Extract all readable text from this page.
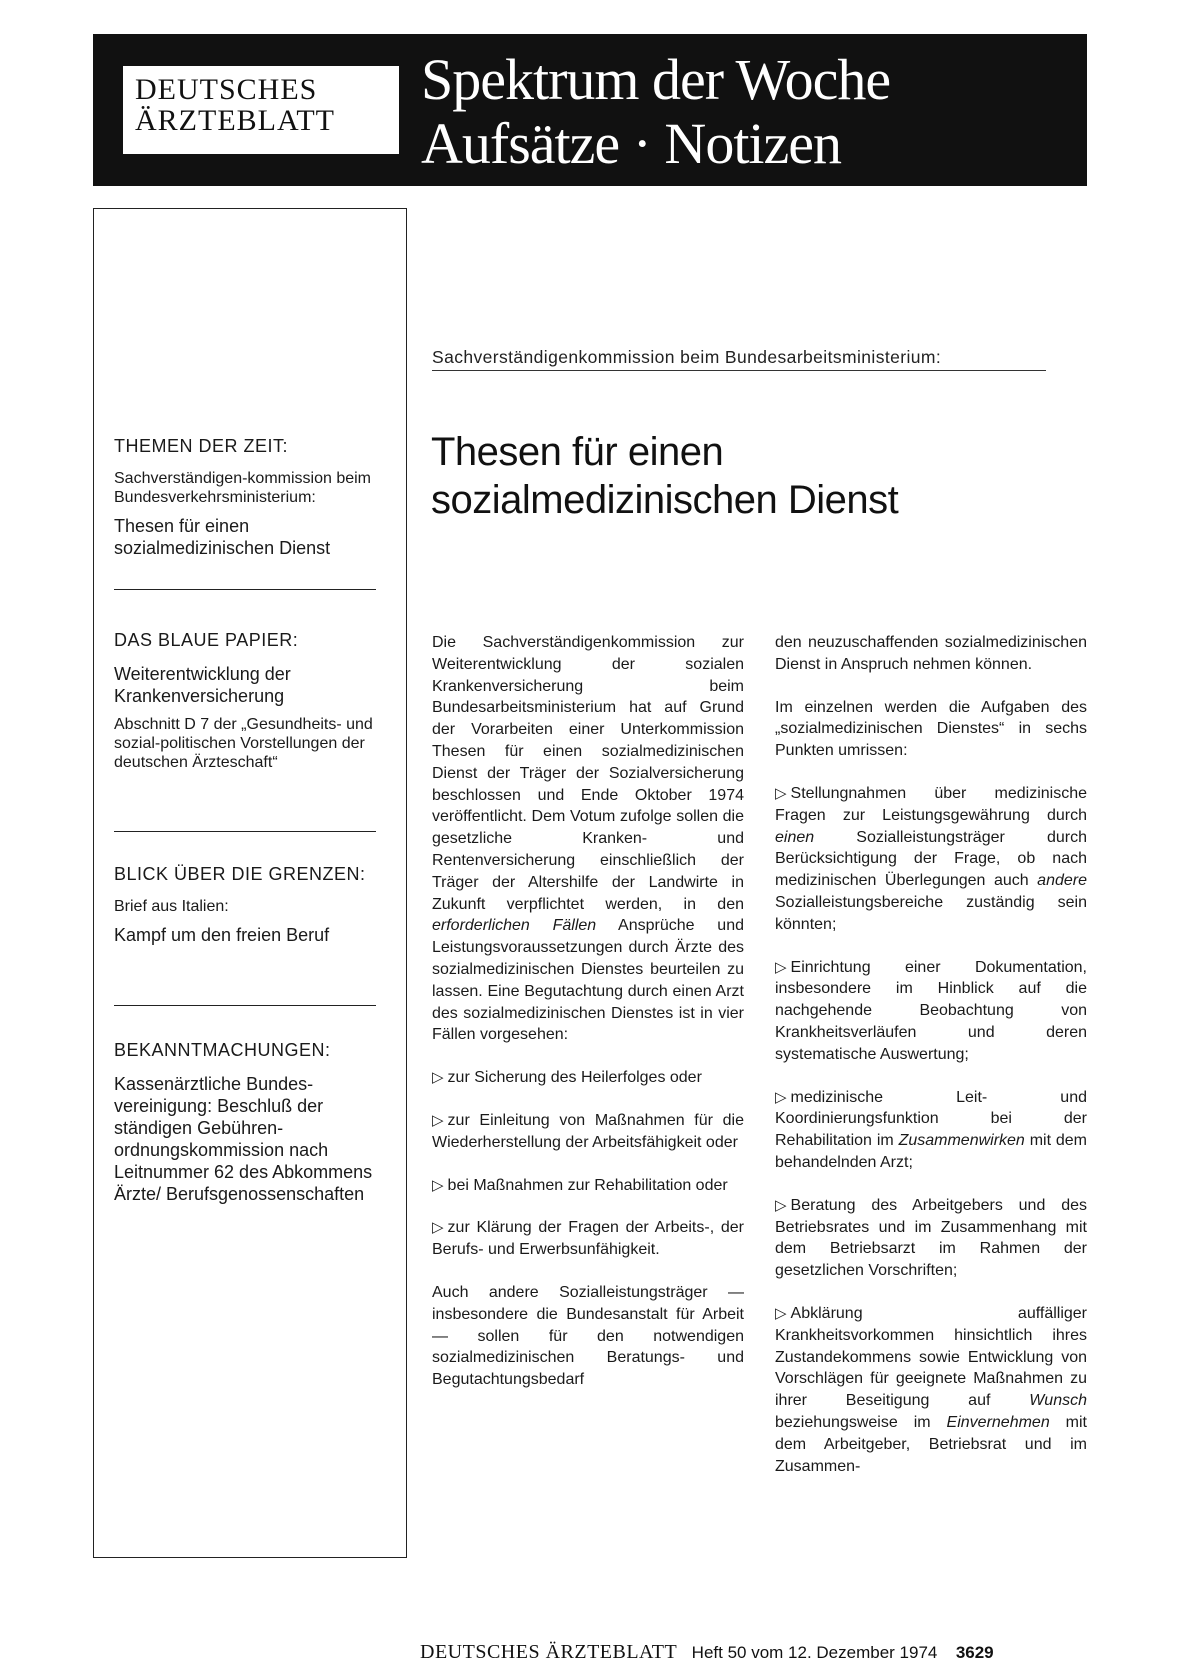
DEUTSCHES
ÄRZTEBLATT
Spektrum der Woche
Aufsätze · Notizen

THEMEN DER ZEIT:

Sachverständigen-kommission beim Bundesverkehrsministerium:

Thesen für einen sozialmedizinischen Dienst

DAS BLAUE PAPIER:

Weiterentwicklung der Krankenversicherung

Abschnitt D 7 der „Gesundheits- und sozial-politischen Vorstellungen der deutschen Ärzteschaft“

BLICK ÜBER DIE GRENZEN:

Brief aus Italien:

Kampf um den freien Beruf

BEKANNTMACHUNGEN:

Kassenärztliche Bundes-vereinigung: Beschluß der ständigen Gebühren-ordnungskommission nach Leitnummer 62 des Abkommens Ärzte/ Berufsgenossenschaften

Sachverständigenkommission beim Bundesarbeitsministerium:
Thesen für einen
sozialmedizinischen Dienst

Die Sachverständigenkommission zur Weiterentwicklung der sozialen Krankenversicherung beim Bundesarbeitsministerium hat auf Grund der Vorarbeiten einer Unterkommission Thesen für einen sozialmedizinischen Dienst der Träger der Sozialversicherung beschlossen und Ende Oktober 1974 veröffentlicht. Dem Votum zufolge sollen die gesetzliche Kranken- und Rentenversicherung einschließlich der Träger der Altershilfe der Landwirte in Zukunft verpflichtet werden, in den erforderlichen Fällen Ansprüche und Leistungsvoraussetzungen durch Ärzte des sozialmedizinischen Dienstes beurteilen zu lassen. Eine Begutachtung durch einen Arzt des sozialmedizinischen Dienstes ist in vier Fällen vorgesehen:

▷ zur Sicherung des Heilerfolges oder

▷ zur Einleitung von Maßnahmen für die Wiederherstellung der Arbeitsfähigkeit oder

▷ bei Maßnahmen zur Rehabilitation oder

▷ zur Klärung der Fragen der Arbeits-, der Berufs- und Erwerbsunfähigkeit.

Auch andere Sozialleistungsträger — insbesondere die Bundesanstalt für Arbeit — sollen für den notwendigen sozialmedizinischen Beratungs- und Begutachtungsbedarf

den neuzuschaffenden sozialmedizinischen Dienst in Anspruch nehmen können.

Im einzelnen werden die Aufgaben des „sozialmedizinischen Dienstes“ in sechs Punkten umrissen:

▷ Stellungnahmen über medizinische Fragen zur Leistungsgewährung durch einen Sozialleistungsträger durch Berücksichtigung der Frage, ob nach medizinischen Überlegungen auch andere Sozialleistungsbereiche zuständig sein könnten;

▷ Einrichtung einer Dokumentation, insbesondere im Hinblick auf die nachgehende Beobachtung von Krankheitsverläufen und deren systematische Auswertung;

▷ medizinische Leit- und Koordinierungsfunktion bei der Rehabilitation im Zusammenwirken mit dem behandelnden Arzt;

▷ Beratung des Arbeitgebers und des Betriebsrates und im Zusammenhang mit dem Betriebsarzt im Rahmen der gesetzlichen Vorschriften;

▷ Abklärung auffälliger Krankheitsvorkommen hinsichtlich ihres Zustandekommens sowie Entwicklung von Vorschlägen für geeignete Maßnahmen zu ihrer Beseitigung auf Wunsch beziehungsweise im Einvernehmen mit dem Arbeitgeber, Betriebsrat und im Zusammen-

DEUTSCHES ÄRZTEBLATT Heft 50 vom 12. Dezember 1974 3629
